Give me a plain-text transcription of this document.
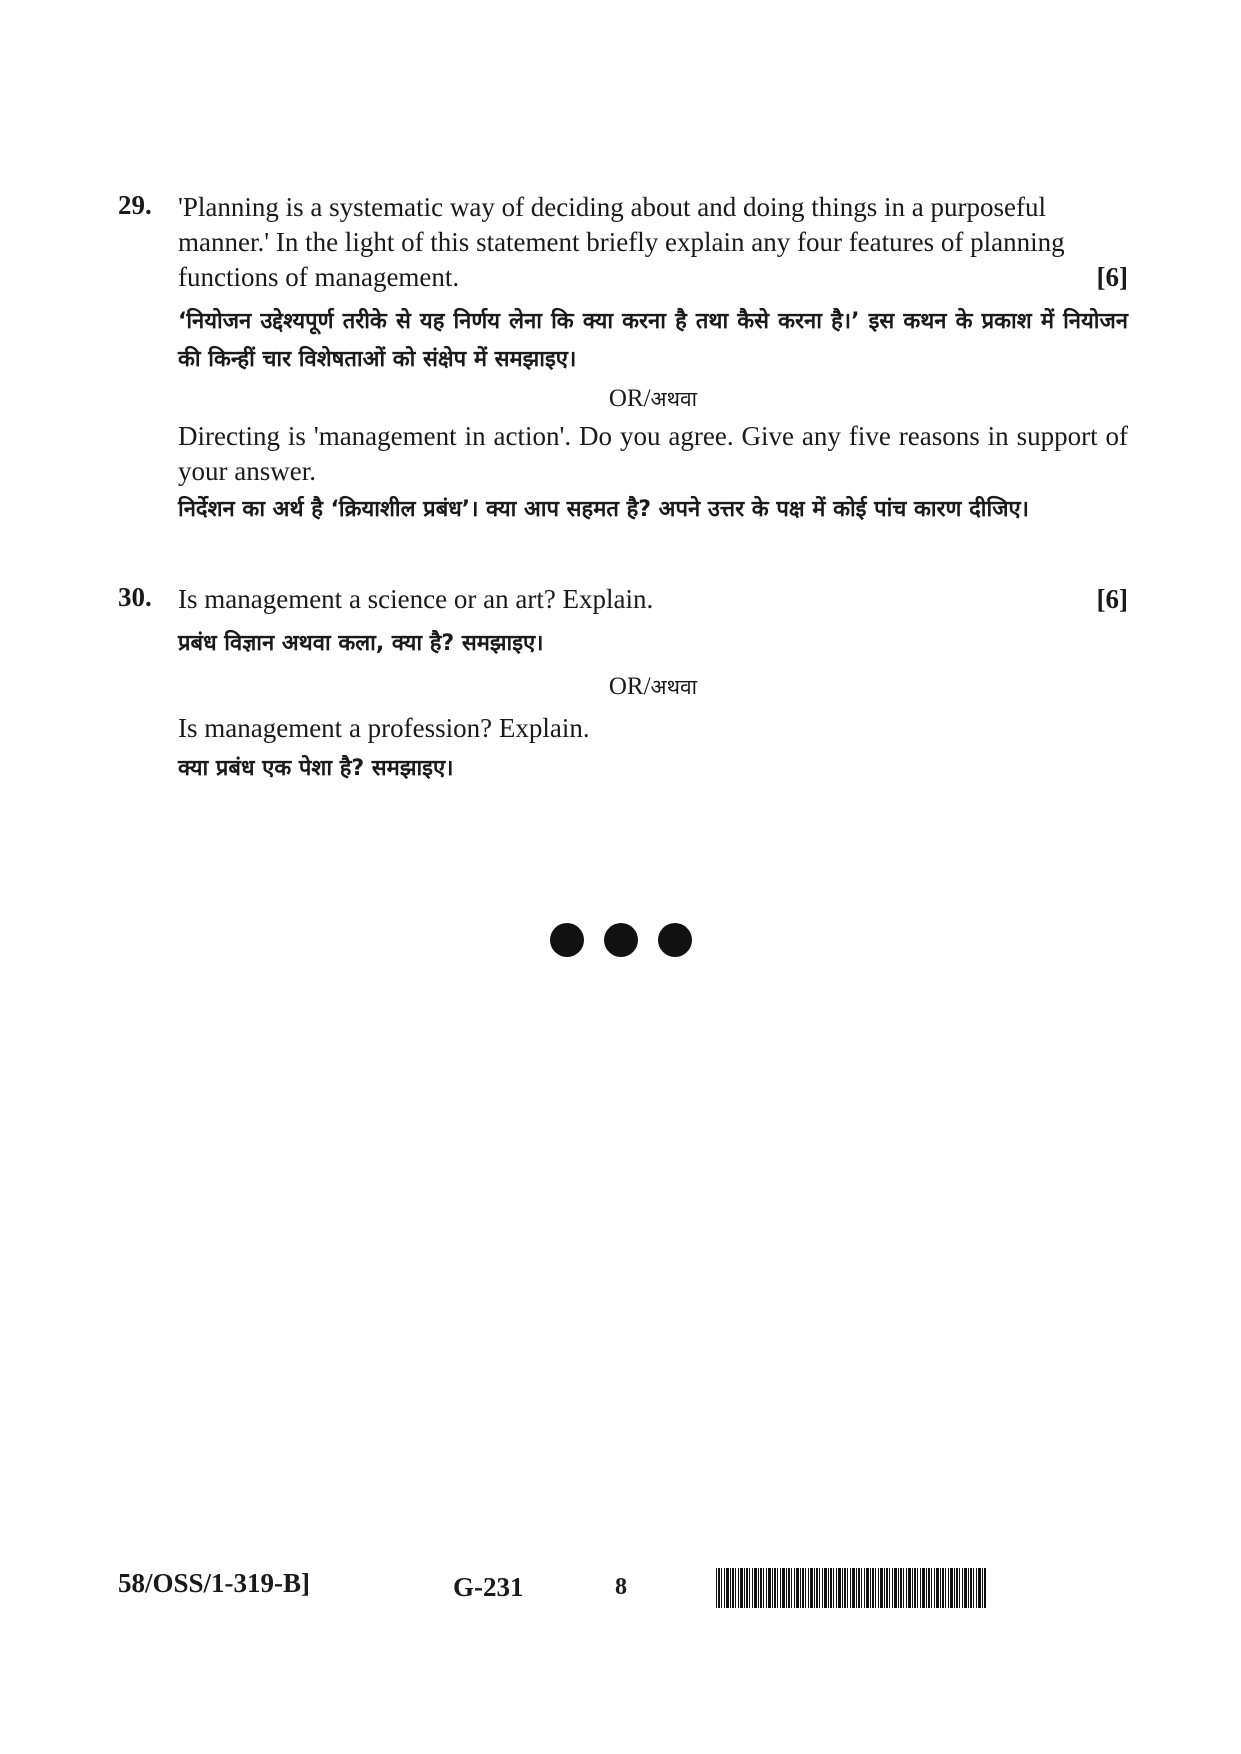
29. 'Planning is a systematic way of deciding about and doing things in a purposeful
manner.' In the light of this statement briefly explain any four features of planning
functions of management.	[6]
‘नियोजन उद्देश्यपूर्ण तरीके से यह निर्णय लेना कि क्या करना है तथा कैसे करना है।’ इस कथन के प्रकाश में नियोजन की किन्हीं चार विशेषताओं को संक्षेप में समझाइए।
OR/अथवा
Directing is 'management in action'. Do you agree. Give any five reasons in support of your answer.
निर्देशन का अर्थ है ‘क्रियाशील प्रबंध’। क्या आप सहमत है? अपने उत्तर के पक्ष में कोई पांच कारण दीजिए।
30. Is management a science or an art? Explain.	[6]
प्रबंध विज्ञान अथवा कला, क्या है? समझाइए।
OR/अथवा
Is management a profession? Explain.
क्या प्रबंध एक पेशा है? समझाइए।
58/OSS/1-319-B]	G-231	8
